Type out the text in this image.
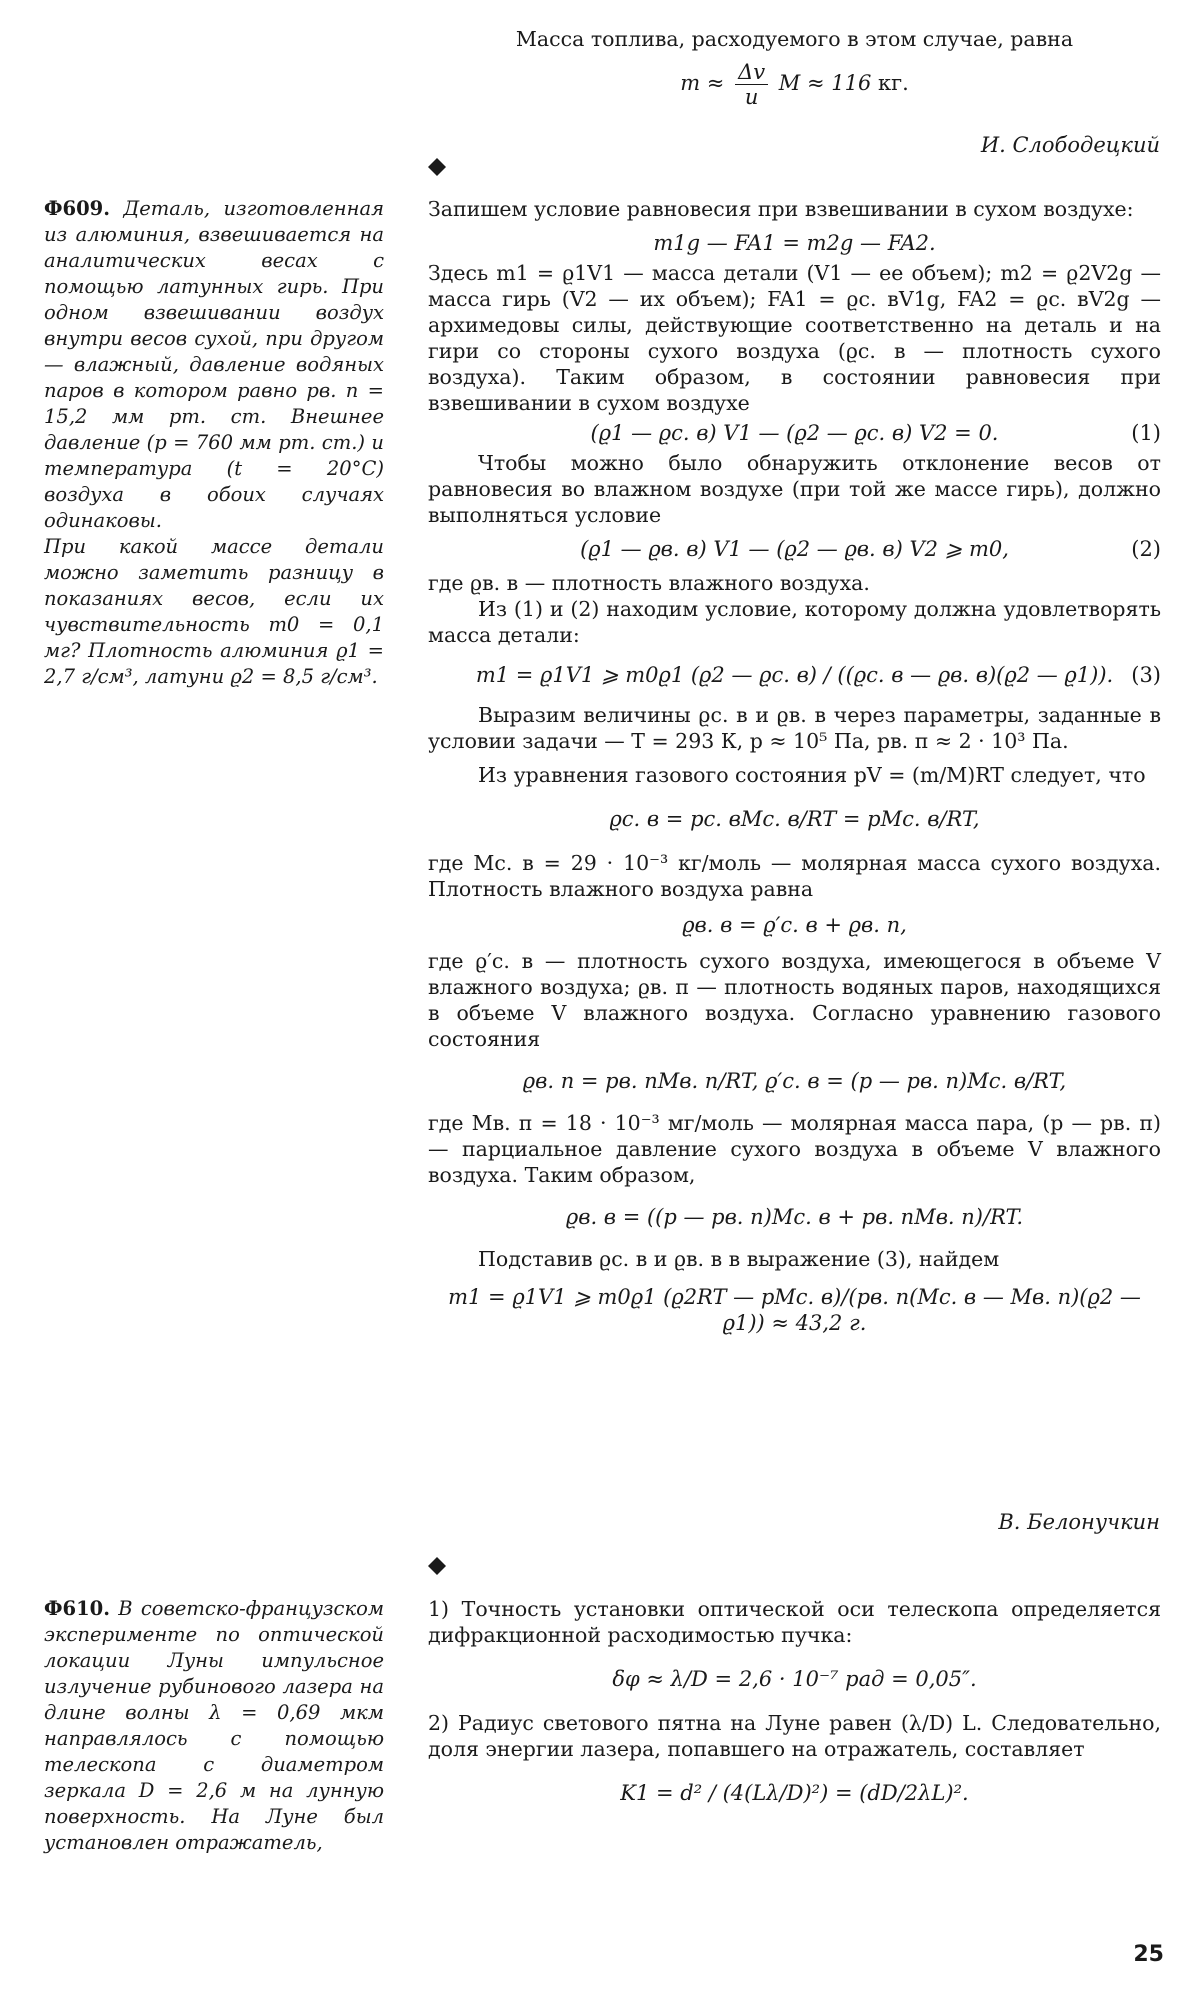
Масса топлива, расходуемого в этом случае, равна

$m \approx \frac{\Delta v}{u}$ M ≈ 116 кг.
И. Слободецкий

Ф609. Деталь, изготовленная из алюминия, взвешивается на аналитических весах с помощью латунных гирь. При одном взвешивании воздух внутри весов сухой, при другом — влажный, давление водяных паров в котором равно pв. п = 15,2 мм рт. ст. Внешнее давление (p = 760 мм рт. ст.) и температура (t = 20°C) воздуха в обоих случаях одинаковы.

При какой массе детали можно заметить разницу в показаниях весов, если их чувствительность m0 = 0,1 мг? Плотность алюминия ϱ1 = 2,7 г/см³, латуни ϱ2 = 8,5 г/см³.

Запишем условие равновесия при взвешивании в сухом воздухе:

m1g — FA1 = m2g — FA2.

Здесь m1 = ϱ1V1 — масса детали (V1 — ее объем); m2 = ϱ2V2g — масса гирь (V2 — их объем); FA1 = ϱс. вV1g, FA2 = ϱс. вV2g — архимедовы силы, действующие соответственно на деталь и на гири со стороны сухого воздуха (ϱс. в — плотность сухого воздуха). Таким образом, в состоянии равновесия при взвешивании в сухом воздухе

(ϱ1 — ϱс. в) V1 — (ϱ2 — ϱс. в) V2 = 0.	(1)

Чтобы можно было обнаружить отклонение весов от равновесия во влажном воздухе (при той же массе гирь), должно выполняться условие

(ϱ1 — ϱв. в) V1 — (ϱ2 — ϱв. в) V2 ⩾ m0,	(2)

где ϱв. в — плотность влажного воздуха.

Из (1) и (2) находим условие, которому должна удовлетворять масса детали:

m1 = ϱ1V1 ⩾ m0ϱ1 (ϱ2 — ϱс. в) / ((ϱс. в — ϱв. в)(ϱ2 — ϱ1)). (3)

Выразим величины ϱс. в и ϱв. в через параметры, заданные в условии задачи — T = 293 К, p ≈ 10⁵ Па, pв. п ≈ 2 · 10³ Па.

Из уравнения газового состояния pV = (m/M)RT следует, что

ϱс. в = pс. вMс. в/RT = pMс. в/RT,

где Mс. в = 29 · 10⁻³ кг/моль — молярная масса сухого воздуха. Плотность влажного воздуха равна

ϱв. в = ϱ′с. в + ϱв. п,

где ϱ′с. в — плотность сухого воздуха, имеющегося в объеме V влажного воздуха; ϱв. п — плотность водяных паров, находящихся в объеме V влажного воздуха. Согласно уравнению газового состояния

ϱв. п = pв. пMв. п/RT, ϱ′с. в = (p — pв. п)Mс. в/RT,

где Mв. п = 18 · 10⁻³ мг/моль — молярная масса пара, (p — pв. п) — парциальное давление сухого воздуха в объеме V влажного воздуха. Таким образом,

ϱв. в = ((p — pв. п)Mс. в + pв. пMв. п)/RT.

Подставив ϱс. в и ϱв. в в выражение (3), найдем

m1 = ϱ1V1 ⩾ m0ϱ1 (ϱ2RT — pMс. в)/(pв. п(Mс. в — Mв. п)(ϱ2 — ϱ1)) ≈ 43,2 г.
В. Белонучкин

Ф610. В советско-французском эксперименте по оптической локации Луны импульсное излучение рубинового лазера на длине волны λ = 0,69 мкм направлялось с помощью телескопа с диаметром зеркала D = 2,6 м на лунную поверхность. На Луне был установлен отражатель,

1) Точность установки оптической оси телескопа определяется дифракционной расходимостью пучка:

δφ ≈ λ/D = 2,6 · 10⁻⁷ рад = 0,05″.

2) Радиус светового пятна на Луне равен (λ/D) L. Следовательно, доля энергии лазера, попавшего на отражатель, составляет

K1 = d² / (4(Lλ/D)²) = (dD/2λL)².
25
